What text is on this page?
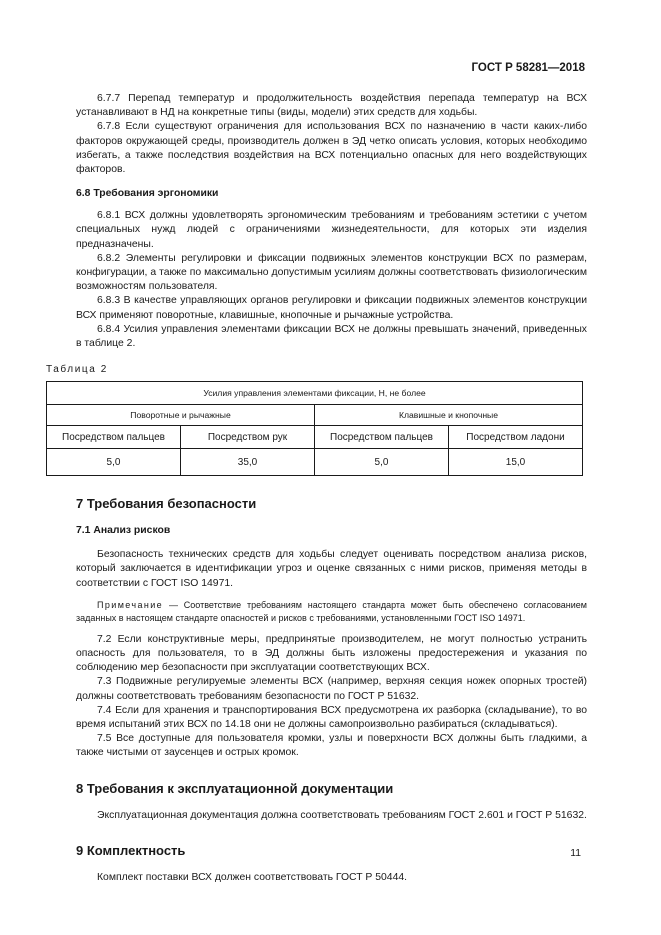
ГОСТ Р 58281—2018

6.7.7 Перепад температур и продолжительность воздействия перепада температур на ВСХ устанавливают в НД на конкретные типы (виды, модели) этих средств для ходьбы.

6.7.8 Если существуют ограничения для использования ВСХ по назначению в части каких-либо факторов окружающей среды, производитель должен в ЭД четко описать условия, которых необходимо избегать, а также последствия воздействия на ВСХ потенциально опасных для него воздействующих факторов.

6.8 Требования эргономики

6.8.1 ВСХ должны удовлетворять эргономическим требованиям и требованиям эстетики с учетом специальных нужд людей с ограничениями жизнедеятельности, для которых эти изделия предназначены.

6.8.2 Элементы регулировки и фиксации подвижных элементов конструкции ВСХ по размерам, конфигурации, а также по максимально допустимым усилиям должны соответствовать физиологическим возможностям пользователя.

6.8.3 В качестве управляющих органов регулировки и фиксации подвижных элементов конструкции ВСХ применяют поворотные, клавишные, кнопочные и рычажные устройства.

6.8.4 Усилия управления элементами фиксации ВСХ не должны превышать значений, приведенных в таблице 2.

Таблица 2
Усилия управления элементами фиксации, Н, не более			
Поворотные и рычажные		Клавишные и кнопочные	
Посредством пальцев	Посредством рук	Посредством пальцев	Посредством ладони
5,0	35,0	5,0	15,0
7 Требования безопасности
7.1 Анализ рисков

Безопасность технических средств для ходьбы следует оценивать посредством анализа рисков, который заключается в идентификации угроз и оценке связанных с ними рисков, применяя методы в соответствии с ГОСТ ISO 14971.

Примечание — Соответствие требованиям настоящего стандарта может быть обеспечено согласованием заданных в настоящем стандарте опасностей и рисков с требованиями, установленными ГОСТ ISO 14971.

7.2 Если конструктивные меры, предпринятые производителем, не могут полностью устранить опасность для пользователя, то в ЭД должны быть изложены предостережения и указания по соблюдению мер безопасности при эксплуатации соответствующих ВСХ.

7.3 Подвижные регулируемые элементы ВСХ (например, верхняя секция ножек опорных тростей) должны соответствовать требованиям безопасности по ГОСТ Р 51632.

7.4 Если для хранения и транспортирования ВСХ предусмотрена их разборка (складывание), то во время испытаний этих ВСХ по 14.18 они не должны самопроизвольно разбираться (складываться).

7.5 Все доступные для пользователя кромки, узлы и поверхности ВСХ должны быть гладкими, а также чистыми от заусенцев и острых кромок.

8 Требования к эксплуатационной документации

Эксплуатационная документация должна соответствовать требованиям ГОСТ 2.601 и ГОСТ Р 51632.

9 Комплектность

Комплект поставки ВСХ должен соответствовать ГОСТ Р 50444.

11
